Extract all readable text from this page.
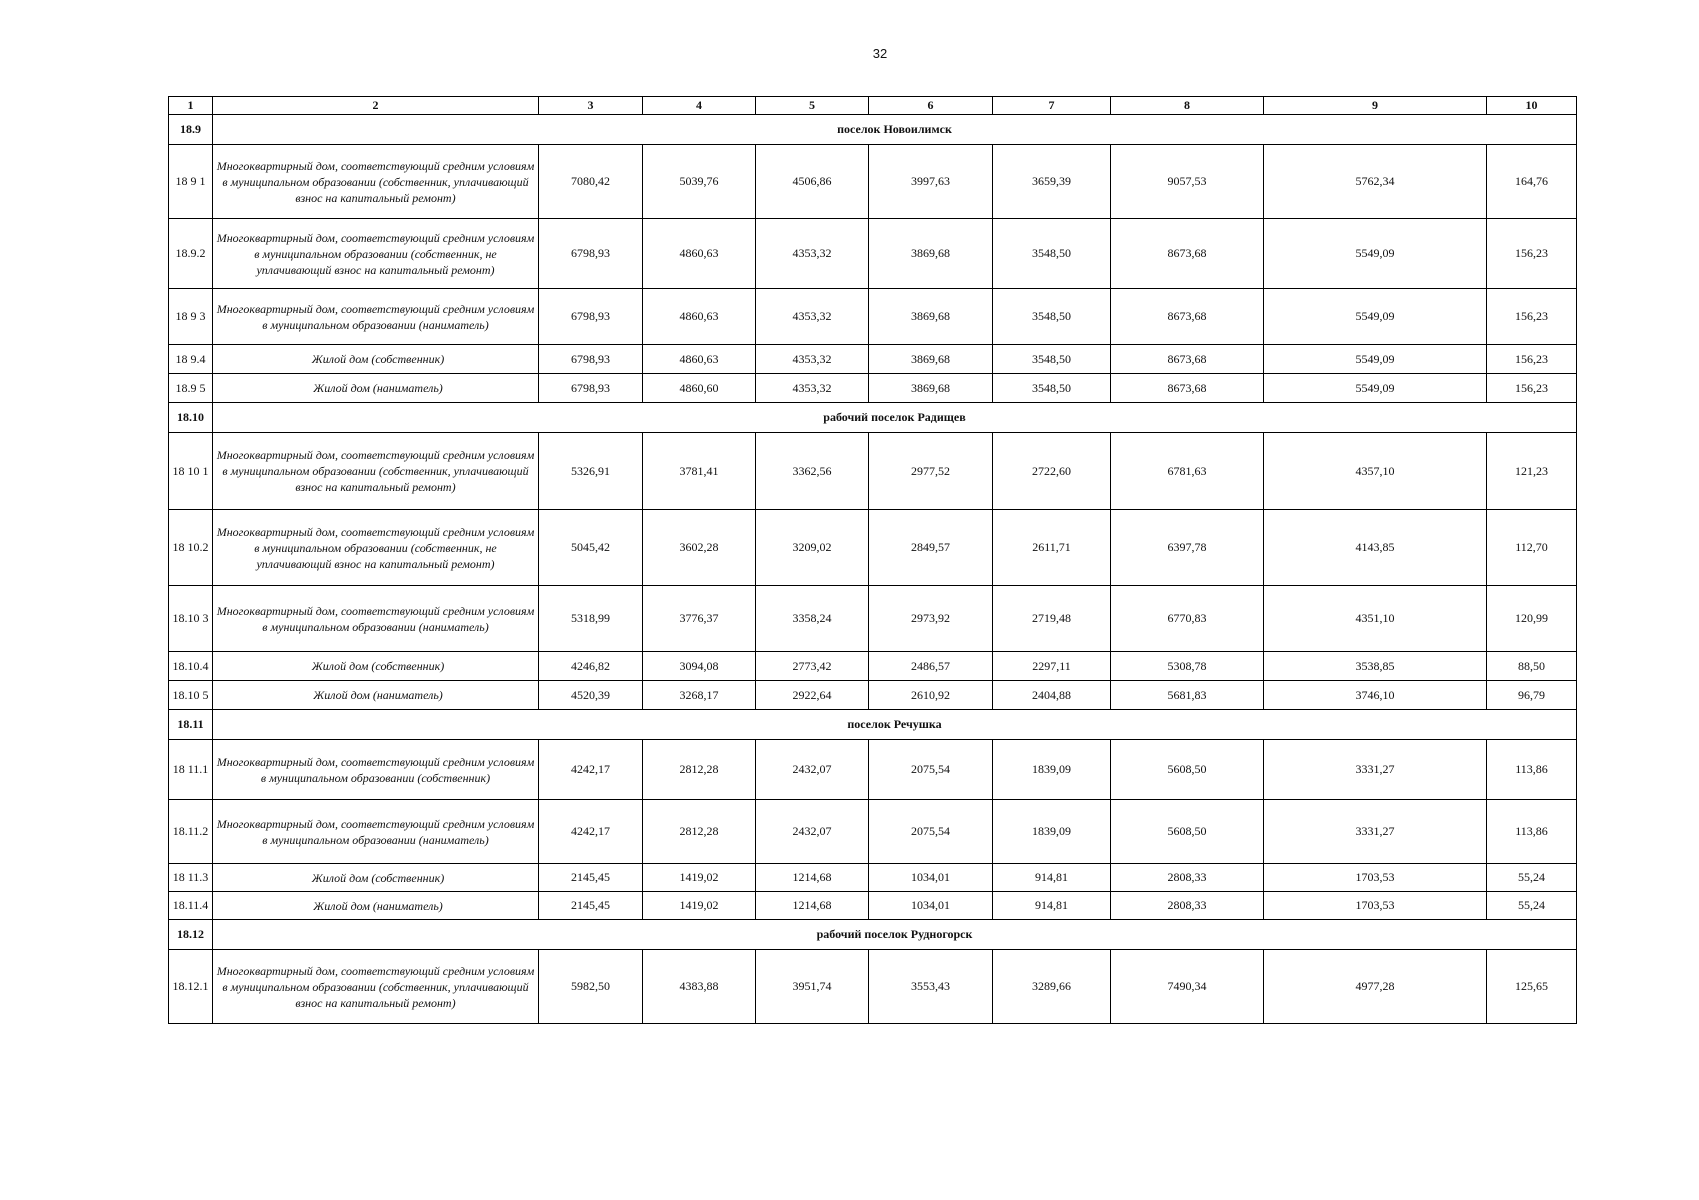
32
1	2	3	4	5	6	7	8	9	10
18.9	поселок Новоилимск								
18 9 1	Многоквартирный дом, соответствующий средним условиям в муниципальном образовании (собственник, уплачивающий взнос на капитальный ремонт)	7080,42	5039,76	4506,86	3997,63	3659,39	9057,53	5762,34	164,76
18.9.2	Многоквартирный дом, соответствующий средним условиям в муниципальном образовании (собственник, не уплачивающий взнос на капитальный ремонт)	6798,93	4860,63	4353,32	3869,68	3548,50	8673,68	5549,09	156,23
18 9 3	Многоквартирный дом, соответствующий средним условиям в муниципальном образовании (наниматель)	6798,93	4860,63	4353,32	3869,68	3548,50	8673,68	5549,09	156,23
18 9.4	Жилой дом (собственник)	6798,93	4860,63	4353,32	3869,68	3548,50	8673,68	5549,09	156,23
18.9 5	Жилой дом (наниматель)	6798,93	4860,60	4353,32	3869,68	3548,50	8673,68	5549,09	156,23
18.10	рабочий поселок Радищев								
18 10 1	Многоквартирный дом, соответствующий средним условиям в муниципальном образовании (собственник, уплачивающий взнос на капитальный ремонт)	5326,91	3781,41	3362,56	2977,52	2722,60	6781,63	4357,10	121,23
18 10.2	Многоквартирный дом, соответствующий средним условиям в муниципальном образовании (собственник, не уплачивающий взнос на капитальный ремонт)	5045,42	3602,28	3209,02	2849,57	2611,71	6397,78	4143,85	112,70
18.10 3	Многоквартирный дом, соответствующий средним условиям в муниципальном образовании (наниматель)	5318,99	3776,37	3358,24	2973,92	2719,48	6770,83	4351,10	120,99
18.10.4	Жилой дом (собственник)	4246,82	3094,08	2773,42	2486,57	2297,11	5308,78	3538,85	88,50
18.10 5	Жилой дом (наниматель)	4520,39	3268,17	2922,64	2610,92	2404,88	5681,83	3746,10	96,79
18.11	поселок Речушка								
18 11.1	Многоквартирный дом, соответствующий средним условиям в муниципальном образовании (собственник)	4242,17	2812,28	2432,07	2075,54	1839,09	5608,50	3331,27	113,86
18.11.2	Многоквартирный дом, соответствующий средним условиям в муниципальном образовании (наниматель)	4242,17	2812,28	2432,07	2075,54	1839,09	5608,50	3331,27	113,86
18 11.3	Жилой дом (собственник)	2145,45	1419,02	1214,68	1034,01	914,81	2808,33	1703,53	55,24
18.11.4	Жилой дом (наниматель)	2145,45	1419,02	1214,68	1034,01	914,81	2808,33	1703,53	55,24
18.12	рабочий поселок Рудногорск								
18.12.1	Многоквартирный дом, соответствующий средним условиям в муниципальном образовании (собственник, уплачивающий взнос на капитальный ремонт)	5982,50	4383,88	3951,74	3553,43	3289,66	7490,34	4977,28	125,65
